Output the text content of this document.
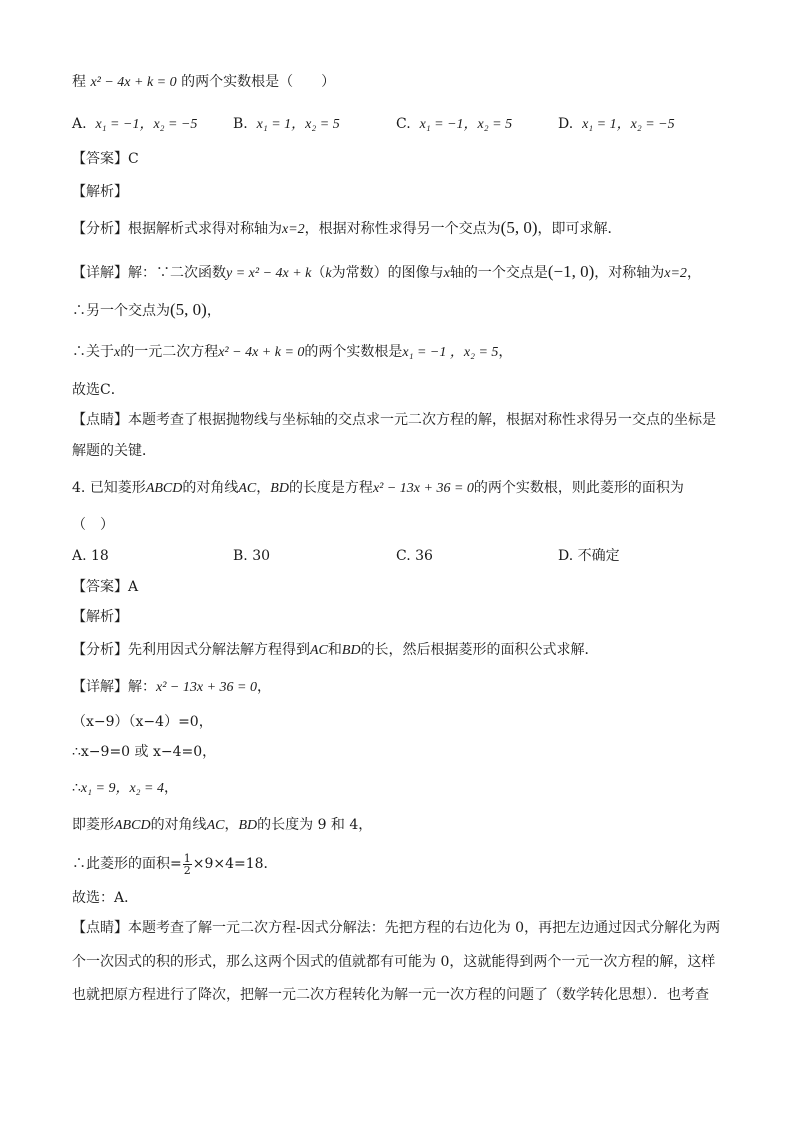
程 x² − 4x + k = 0 的两个实数根是（　　）
A. x₁ = −1，x₂ = −5	B. x₁ = 1，x₂ = 5	C. x₁ = −1，x₂ = 5	D. x₁ = 1，x₂ = −5
【答案】C
【解析】
【分析】根据解析式求得对称轴为x=2，根据对称性求得另一个交点为(5, 0)，即可求解．
【详解】解：∵二次函数y = x² − 4x + k（k为常数）的图像与x轴的一个交点是(−1, 0)，对称轴为x=2，
∴另一个交点为(5, 0)，
∴关于x的一元二次方程x² − 4x + k = 0的两个实数根是x₁ = −1 ，x₂ = 5，
故选C．
【点睛】本题考查了根据抛物线与坐标轴的交点求一元二次方程的解，根据对称性求得另一交点的坐标是
解题的关键．
4. 已知菱形ABCD的对角线AC，BD的长度是方程x² − 13x + 36 = 0的两个实数根，则此菱形的面积为
（　）
A. 18	B. 30	C. 36	D. 不确定
【答案】A
【解析】
【分析】先利用因式分解法解方程得到AC和BD的长，然后根据菱形的面积公式求解．
【详解】解：x² − 13x + 36 = 0，
（x−9）（x−4）=0，
∴x−9=0 或 x−4=0，
∴x₁ = 9，x₂ = 4，
即菱形ABCD的对角线AC，BD的长度为 9 和 4，
∴此菱形的面积= $\frac{1}{2} \times 9\times 4=18$．
故选：A．
【点睛】本题考查了解一元二次方程-因式分解法：先把方程的右边化为 0，再把左边通过因式分解化为两
个一次因式的积的形式，那么这两个因式的值就都有可能为 0，这就能得到两个一元一次方程的解，这样
也就把原方程进行了降次，把解一元二次方程转化为解一元一次方程的问题了（数学转化思想）．也考查
